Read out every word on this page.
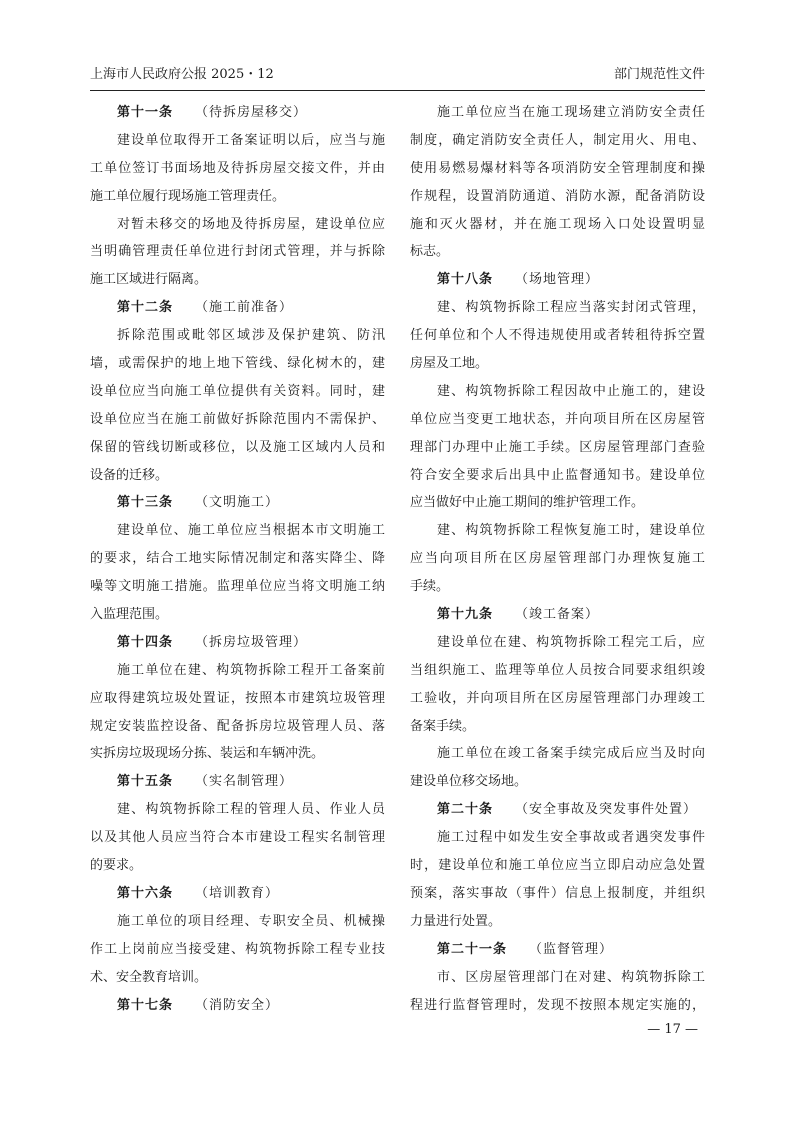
上海市人民政府公报 2025・12	部门规范性文件
第十一条 （待拆房屋移交）
建设单位取得开工备案证明以后，应当与施
工单位签订书面场地及待拆房屋交接文件，并由
施工单位履行现场施工管理责任。
对暂未移交的场地及待拆房屋，建设单位应
当明确管理责任单位进行封闭式管理，并与拆除
施工区域进行隔离。
第十二条 （施工前准备）
拆除范围或毗邻区域涉及保护建筑、防汛
墙，或需保护的地上地下管线、绿化树木的，建
设单位应当向施工单位提供有关资料。同时，建
设单位应当在施工前做好拆除范围内不需保护、
保留的管线切断或移位，以及施工区域内人员和
设备的迁移。
第十三条 （文明施工）
建设单位、施工单位应当根据本市文明施工
的要求，结合工地实际情况制定和落实降尘、降
噪等文明施工措施。监理单位应当将文明施工纳
入监理范围。
第十四条 （拆房垃圾管理）
施工单位在建、构筑物拆除工程开工备案前
应取得建筑垃圾处置证，按照本市建筑垃圾管理
规定安装监控设备、配备拆房垃圾管理人员、落
实拆房垃圾现场分拣、装运和车辆冲洗。
第十五条 （实名制管理）
建、构筑物拆除工程的管理人员、作业人员
以及其他人员应当符合本市建设工程实名制管理
的要求。
第十六条 （培训教育）
施工单位的项目经理、专职安全员、机械操
作工上岗前应当接受建、构筑物拆除工程专业技
术、安全教育培训。
第十七条 （消防安全）
施工单位应当在施工现场建立消防安全责任
制度，确定消防安全责任人，制定用火、用电、
使用易燃易爆材料等各项消防安全管理制度和操
作规程，设置消防通道、消防水源，配备消防设
施和灭火器材，并在施工现场入口处设置明显
标志。
第十八条 （场地管理）
建、构筑物拆除工程应当落实封闭式管理，
任何单位和个人不得违规使用或者转租待拆空置
房屋及工地。
建、构筑物拆除工程因故中止施工的，建设
单位应当变更工地状态，并向项目所在区房屋管
理部门办理中止施工手续。区房屋管理部门查验
符合安全要求后出具中止监督通知书。建设单位
应当做好中止施工期间的维护管理工作。
建、构筑物拆除工程恢复施工时，建设单位
应当向项目所在区房屋管理部门办理恢复施工
手续。
第十九条 （竣工备案）
建设单位在建、构筑物拆除工程完工后，应
当组织施工、监理等单位人员按合同要求组织竣
工验收，并向项目所在区房屋管理部门办理竣工
备案手续。
施工单位在竣工备案手续完成后应当及时向
建设单位移交场地。
第二十条 （安全事故及突发事件处置）
施工过程中如发生安全事故或者遇突发事件
时，建设单位和施工单位应当立即启动应急处置
预案，落实事故（事件）信息上报制度，并组织
力量进行处置。
第二十一条 （监督管理）
市、区房屋管理部门在对建、构筑物拆除工
程进行监督管理时，发现不按照本规定实施的，
— 17 —
